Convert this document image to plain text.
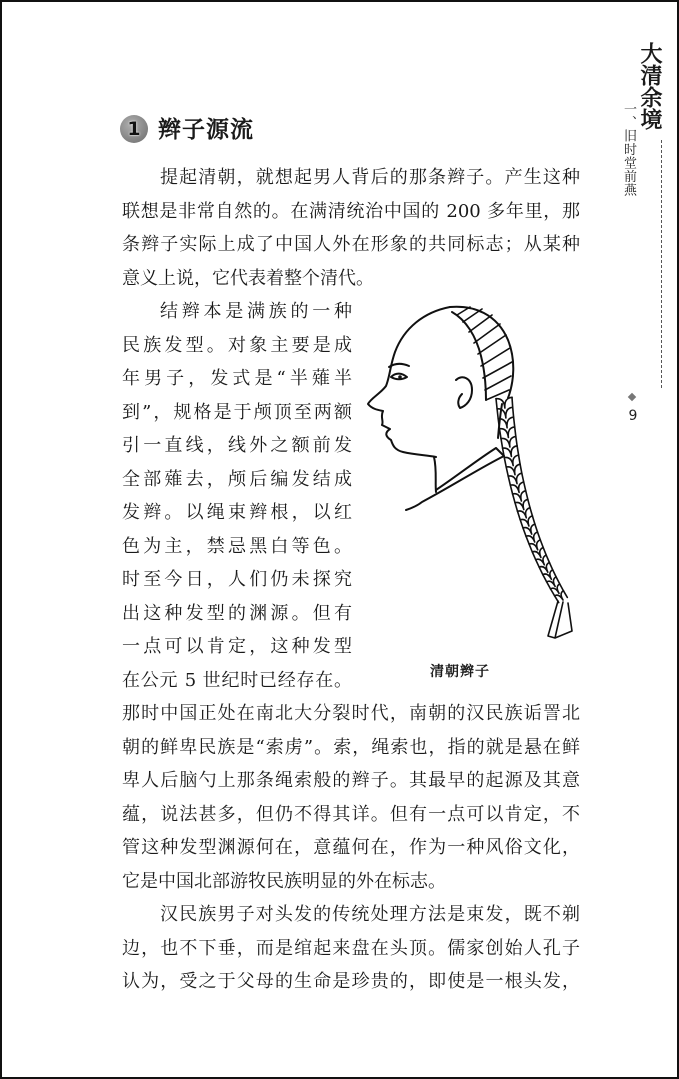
大清余境
一、旧时堂前燕
9
1 辫子源流
提起清朝，就想起男人背后的那条辫子。产生这种
联想是非常自然的。在满清统治中国的 200 多年里，那
条辫子实际上成了中国人外在形象的共同标志；从某种
意义上说，它代表着整个清代。
结辫本是满族的一种
民族发型。对象主要是成
年男子，发式是“半薙半
到”，规格是于颅顶至两额
引一直线，线外之额前发
全部薙去，颅后编发结成
发辫。以绳束辫根，以红
色为主，禁忌黑白等色。
时至今日，人们仍未探究
出这种发型的渊源。但有
一点可以肯定，这种发型
在公元 5 世纪时已经存在。
那时中国正处在南北大分裂时代，南朝的汉民族诟詈北
朝的鲜卑民族是“索虏”。索，绳索也，指的就是悬在鲜
卑人后脑勺上那条绳索般的辫子。其最早的起源及其意
蕴，说法甚多，但仍不得其详。但有一点可以肯定，不
管这种发型渊源何在，意蕴何在，作为一种风俗文化，
它是中国北部游牧民族明显的外在标志。
汉民族男子对头发的传统处理方法是束发，既不剃
边，也不下垂，而是绾起来盘在头顶。儒家创始人孔子
认为，受之于父母的生命是珍贵的，即使是一根头发，
清朝辫子
